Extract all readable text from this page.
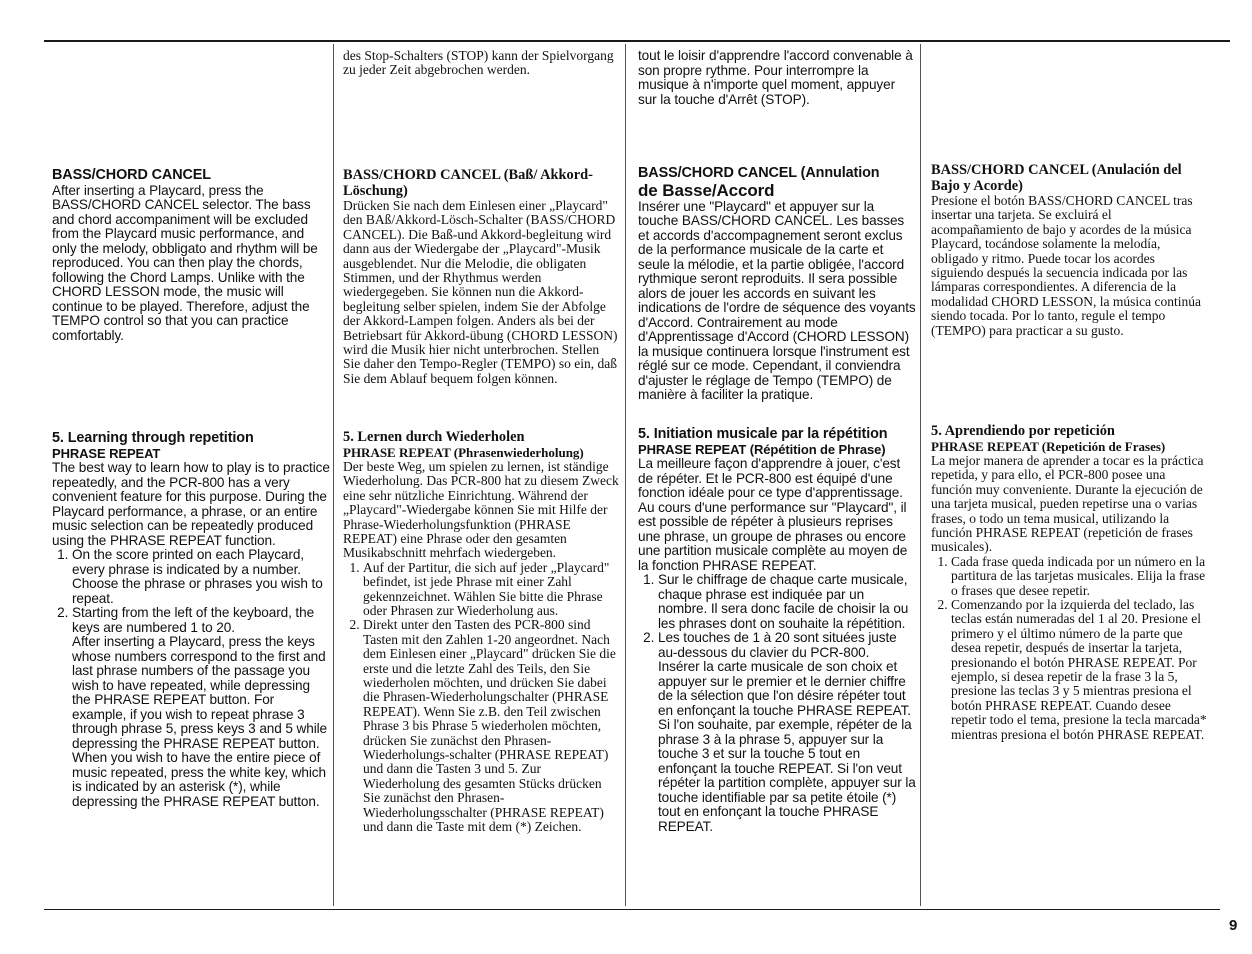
BASS/CHORD CANCEL

After inserting a Playcard, press the BASS/CHORD CANCEL selector. The bass and chord accompaniment will be excluded from the Playcard music performance, and only the melody, obbligato and rhythm will be reproduced. You can then play the chords, following the Chord Lamps. Unlike with the CHORD LESSON mode, the music will continue to be played. Therefore, adjust the TEMPO control so that you can practice comfortably.

5. Learning through repetition
PHRASE REPEAT

The best way to learn how to play is to practice repeatedly, and the PCR-800 has a very convenient feature for this purpose. During the Playcard performance, a phrase, or an entire music selection can be repeatedly produced using the PHRASE REPEAT function.

1. On the score printed on each Playcard, every phrase is indicated by a number. Choose the phrase or phrases you wish to repeat.
2. Starting from the left of the keyboard, the keys are numbered 1 to 20.
After inserting a Playcard, press the keys whose numbers correspond to the first and last phrase numbers of the passage you wish to have repeated, while depressing the PHRASE REPEAT button. For example, if you wish to repeat phrase 3 through phrase 5, press keys 3 and 5 while depressing the PHRASE REPEAT button. When you wish to have the entire piece of music repeated, press the white key, which is indicated by an asterisk (*), while depressing the PHRASE REPEAT button.

des Stop-Schalters (STOP) kann der Spielvorgang zu jeder Zeit abgebrochen werden.

BASS/CHORD CANCEL (Baß/ Akkord-Löschung)

Drücken Sie nach dem Einlesen einer „Playcard" den BAß/Akkord-Lösch-Schalter (BASS/CHORD CANCEL). Die Baß-und Akkord-begleitung wird dann aus der Wiedergabe der „Playcard"-Musik ausgeblendet. Nur die Melodie, die obligaten Stimmen, und der Rhythmus werden wiedergegeben. Sie können nun die Akkord-begleitung selber spielen, indem Sie der Abfolge der Akkord-Lampen folgen. Anders als bei der Betriebsart für Akkord-übung (CHORD LESSON) wird die Musik hier nicht unterbrochen. Stellen Sie daher den Tempo-Regler (TEMPO) so ein, daß Sie dem Ablauf bequem folgen können.

5. Lernen durch Wiederholen
PHRASE REPEAT (Phrasenwiederholung)

Der beste Weg, um spielen zu lernen, ist ständige Wiederholung. Das PCR-800 hat zu diesem Zweck eine sehr nützliche Einrichtung. Während der „Playcard"-Wiedergabe können Sie mit Hilfe der Phrase-Wiederholungsfunktion (PHRASE REPEAT) eine Phrase oder den gesamten Musikabschnitt mehrfach wiedergeben.

1. Auf der Partitur, die sich auf jeder „Playcard" befindet, ist jede Phrase mit einer Zahl gekennzeichnet. Wählen Sie bitte die Phrase oder Phrasen zur Wiederholung aus.
2. Direkt unter den Tasten des PCR-800 sind Tasten mit den Zahlen 1-20 angeordnet. Nach dem Einlesen einer „Playcard" drücken Sie die erste und die letzte Zahl des Teils, den Sie wiederholen möchten, und drücken Sie dabei die Phrasen-Wiederholungschalter (PHRASE REPEAT). Wenn Sie z.B. den Teil zwischen Phrase 3 bis Phrase 5 wiederholen möchten, drücken Sie zunächst den Phrasen-Wiederholungs-schalter (PHRASE REPEAT) und dann die Tasten 3 und 5. Zur Wiederholung des gesamten Stücks drücken Sie zunächst den Phrasen-Wiederholungsschalter (PHRASE REPEAT) und dann die Taste mit dem (*) Zeichen.

tout le loisir d'apprendre l'accord convenable à son propre rythme. Pour interrompre la musique à n'importe quel moment, appuyer sur la touche d'Arrêt (STOP).

BASS/CHORD CANCEL (Annulation
de Basse/Accord

Insérer une "Playcard" et appuyer sur la touche BASS/CHORD CANCEL. Les basses et accords d'accompagnement seront exclus de la performance musicale de la carte et seule la mélodie, et la partie obligée, l'accord rythmique seront reproduits. Il sera possible alors de jouer les accords en suivant les indications de l'ordre de séquence des voyants d'Accord. Contrairement au mode d'Apprentissage d'Accord (CHORD LESSON) la musique continuera lorsque l'instrument est réglé sur ce mode. Cependant, il conviendra d'ajuster le réglage de Tempo (TEMPO) de manière à faciliter la pratique.

5. Initiation musicale par la répétition
PHRASE REPEAT (Répétition de Phrase)

La meilleure façon d'apprendre à jouer, c'est de répéter. Et le PCR-800 est équipé d'une fonction idéale pour ce type d'apprentissage.

Au cours d'une performance sur "Playcard", il est possible de répéter à plusieurs reprises une phrase, un groupe de phrases ou encore une partition musicale complète au moyen de la fonction PHRASE REPEAT.

1. Sur le chiffrage de chaque carte musicale, chaque phrase est indiquée par un nombre. Il sera donc facile de choisir la ou les phrases dont on souhaite la répétition.
2. Les touches de 1 à 20 sont situées juste au-dessous du clavier du PCR-800.
Insérer la carte musicale de son choix et appuyer sur le premier et le dernier chiffre de la sélection que l'on désire répéter tout en enfonçant la touche PHRASE REPEAT. Si l'on souhaite, par exemple, répéter de la phrase 3 à la phrase 5, appuyer sur la touche 3 et sur la touche 5 tout en enfonçant la touche REPEAT. Si l'on veut répéter la partition complète, appuyer sur la touche identifiable par sa petite étoile (*) tout en enfonçant la touche PHRASE REPEAT.
BASS/CHORD CANCEL (Anulación del Bajo y Acorde)

Presione el botón BASS/CHORD CANCEL tras insertar una tarjeta. Se excluirá el acompañamiento de bajo y acordes de la música Playcard, tocándose solamente la melodía, obligado y ritmo. Puede tocar los acordes siguiendo después la secuencia indicada por las lámparas correspondientes. A diferencia de la modalidad CHORD LESSON, la música continúa siendo tocada. Por lo tanto, regule el tempo (TEMPO) para practicar a su gusto.

5. Aprendiendo por repetición
PHRASE REPEAT (Repetición de Frases)

La mejor manera de aprender a tocar es la práctica repetida, y para ello, el PCR-800 posee una función muy conveniente. Durante la ejecución de una tarjeta musical, pueden repetirse una o varias frases, o todo un tema musical, utilizando la función PHRASE REPEAT (repetición de frases musicales).

1. Cada frase queda indicada por un número en la partitura de las tarjetas musicales. Elija la frase o frases que desee repetir.
2. Comenzando por la izquierda del teclado, las teclas están numeradas del 1 al 20. Presione el primero y el último número de la parte que desea repetir, después de insertar la tarjeta, presionando el botón PHRASE REPEAT. Por ejemplo, si desea repetir de la frase 3 la 5, presione las teclas 3 y 5 mientras presiona el botón PHRASE REPEAT. Cuando desee repetir todo el tema, presione la tecla marcada* mientras presiona el botón PHRASE REPEAT.
9
